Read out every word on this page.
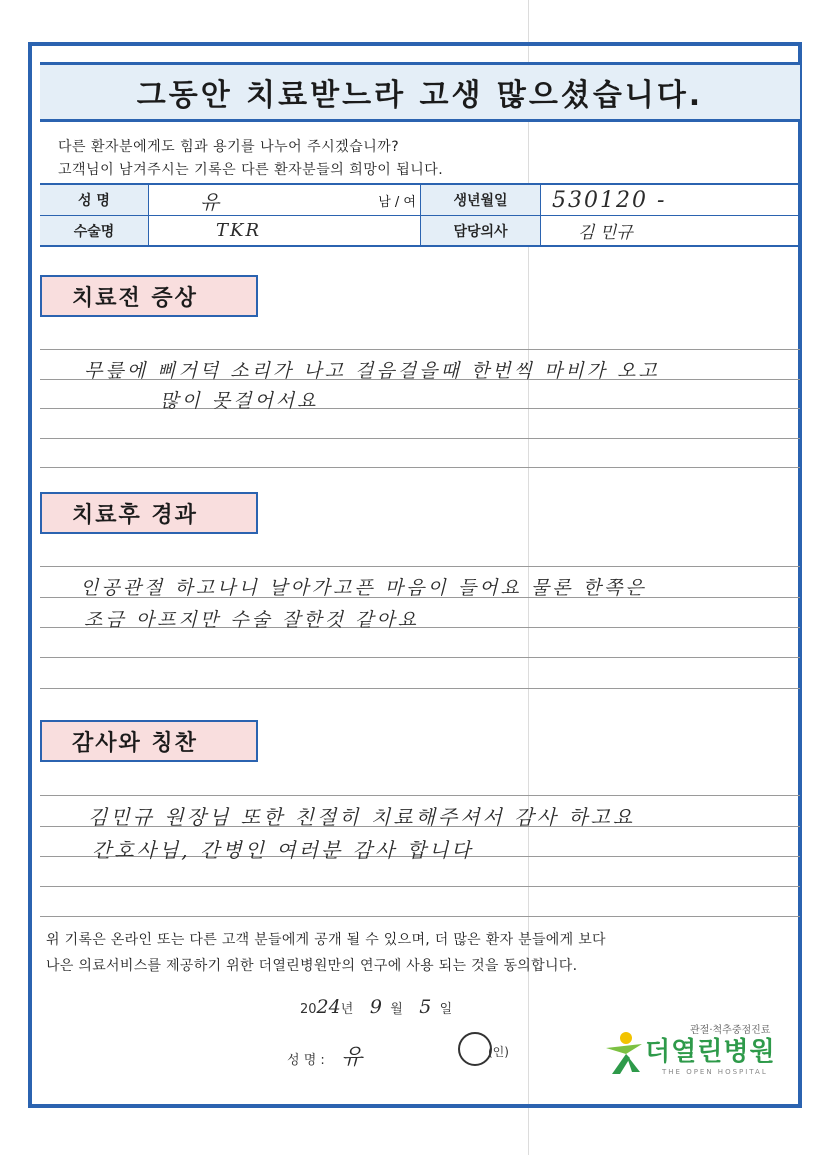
그동안 치료받느라 고생 많으셨습니다.
다른 환자분에게도 힘과 용기를 나누어 주시겠습니까?
고객님이 남겨주시는 기록은 다른 환자분들의 희망이 됩니다.
성 명	유	남 / 여	생년월일	530120 -
수술명	TKR	담당의사	김 민규
치료전 증상
무릎에 삐거덕 소리가 나고 걸음걸을때 한번씩 마비가 오고
많이 못걸어서요
치료후 경과
인공관절 하고나니 날아가고픈 마음이 들어요 물론 한쪽은
조금 아프지만 수술 잘한것 같아요
감사와 칭찬
김민규 원장님 또한 친절히 치료해주셔서 감사 하고요
간호사님, 간병인 여러분 감사 합니다
위 기록은 온라인 또는 다른 고객 분들에게 공개 될 수 있으며, 더 많은 환자 분들에게 보다
나은 의료서비스를 제공하기 위한 더열린병원만의 연구에 사용 되는 것을 동의합니다.
2024년 9 월 5 일
성 명 : 유	(인)
관절·척추중점진료
더열린병원
THE OPEN HOSPITAL
